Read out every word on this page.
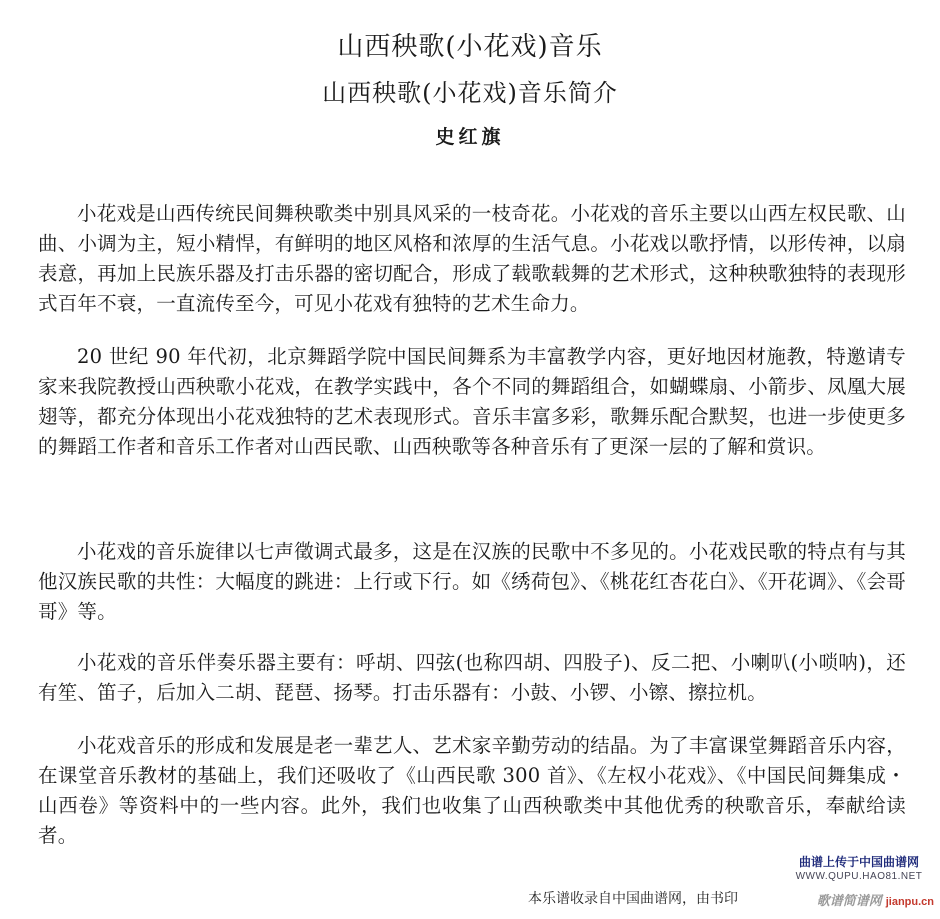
山西秧歌(小花戏)音乐
山西秧歌(小花戏)音乐简介
史红旗

小花戏是山西传统民间舞秧歌类中别具风采的一枝奇花。小花戏的音乐主要以山西左权民歌、山曲、小调为主，短小精悍，有鲜明的地区风格和浓厚的生活气息。小花戏以歌抒情，以形传神，以扇表意，再加上民族乐器及打击乐器的密切配合，形成了载歌载舞的艺术形式，这种秧歌独特的表现形式百年不衰，一直流传至今，可见小花戏有独特的艺术生命力。

20 世纪 90 年代初，北京舞蹈学院中国民间舞系为丰富教学内容，更好地因材施教，特邀请专家来我院教授山西秧歌小花戏，在教学实践中，各个不同的舞蹈组合，如蝴蝶扇、小箭步、凤凰大展翅等，都充分体现出小花戏独特的艺术表现形式。音乐丰富多彩，歌舞乐配合默契，也进一步使更多的舞蹈工作者和音乐工作者对山西民歌、山西秧歌等各种音乐有了更深一层的了解和赏识。

小花戏的音乐旋律以七声徵调式最多，这是在汉族的民歌中不多见的。小花戏民歌的特点有与其他汉族民歌的共性：大幅度的跳进：上行或下行。如《绣荷包》、《桃花红杏花白》、《开花调》、《会哥哥》等。

小花戏的音乐伴奏乐器主要有：呼胡、四弦(也称四胡、四股子)、反二把、小喇叭(小唢呐)，还有笙、笛子，后加入二胡、琵琶、扬琴。打击乐器有：小鼓、小锣、小镲、擦拉机。

小花戏音乐的形成和发展是老一辈艺人、艺术家辛勤劳动的结晶。为了丰富课堂舞蹈音乐内容，在课堂音乐教材的基础上，我们还吸收了《山西民歌 300 首》、《左权小花戏》、《中国民间舞集成・山西卷》等资料中的一些内容。此外，我们也收集了山西秧歌类中其他优秀的秧歌音乐，奉献给读者。

本乐谱收录自中国曲谱网，由书印
曲谱上传于中国曲谱网
WWW.QUPU.HAO81.NET
歌谱简谱网 jianpu.cn
